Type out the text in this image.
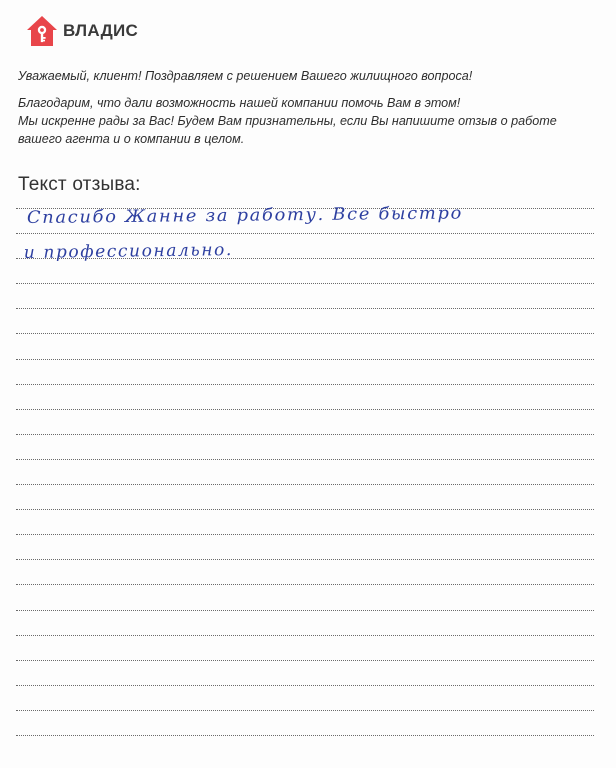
ВЛАДИС
Уважаемый, клиент! Поздравляем с решением Вашего жилищного вопроса!
Благодарим, что дали возможность нашей компании помочь Вам в этом!
Мы искренне рады за Вас! Будем Вам признательны, если Вы напишите отзыв о работе
вашего агента и о компании в целом.
Текст отзыва:
Спасибо Жанне за работу. Все быстро
и профессионально.
